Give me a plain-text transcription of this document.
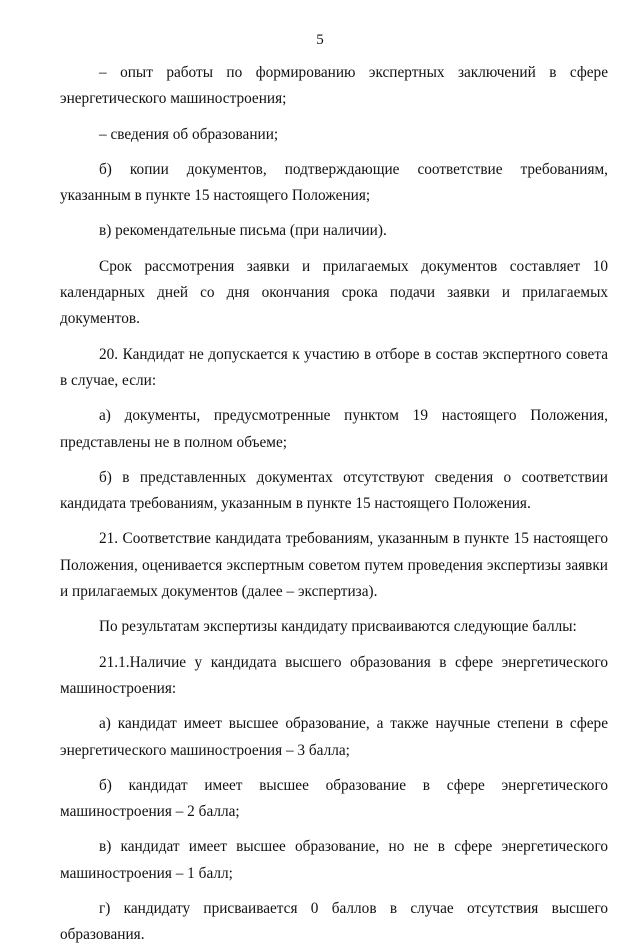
5

– опыт работы по формированию экспертных заключений в сфере энергетического машиностроения;

– сведения об образовании;

б) копии документов, подтверждающие соответствие требованиям, указанным в пункте 15 настоящего Положения;

в) рекомендательные письма (при наличии).

Срок рассмотрения заявки и прилагаемых документов составляет 10 календарных дней со дня окончания срока подачи заявки и прилагаемых документов.

20. Кандидат не допускается к участию в отборе в состав экспертного совета в случае, если:

а) документы, предусмотренные пунктом 19 настоящего Положения, представлены не в полном объеме;

б) в представленных документах отсутствуют сведения о соответствии кандидата требованиям, указанным в пункте 15 настоящего Положения.

21. Соответствие кандидата требованиям, указанным в пункте 15 настоящего Положения, оценивается экспертным советом путем проведения экспертизы заявки и прилагаемых документов (далее – экспертиза).

По результатам экспертизы кандидату присваиваются следующие баллы:

21.1.Наличие у кандидата высшего образования в сфере энергетического машиностроения:

а) кандидат имеет высшее образование, а также научные степени в сфере энергетического машиностроения – 3 балла;

б) кандидат имеет высшее образование в сфере энергетического машиностроения – 2 балла;

в) кандидат имеет высшее образование, но не в сфере энергетического машиностроения – 1 балл;

г) кандидату присваивается 0 баллов в случае отсутствия высшего образования.
